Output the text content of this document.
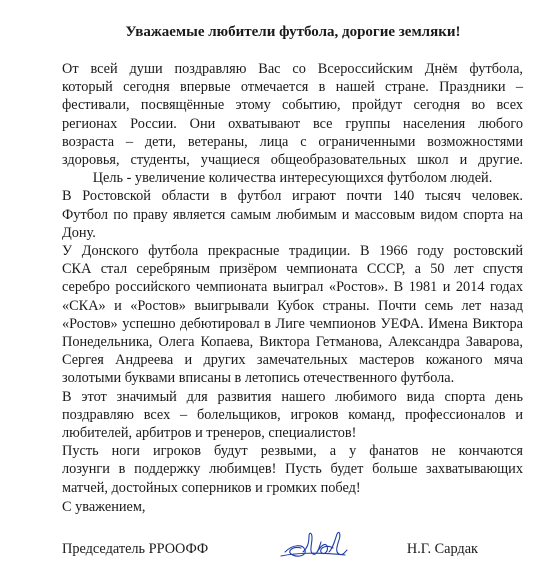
Уважаемые любители футбола, дорогие земляки!

От всей души поздравляю Вас со Всероссийским Днём футбола,
который сегодня впервые отмечается в нашей стране. Праздники –
фестивали, посвящённые этому событию, пройдут сегодня во всех
регионах России. Они охватывают все группы населения любого
возраста – дети, ветераны, лица с ограниченными возможностями
здоровья, студенты, учащиеся общеобразовательных школ и другие.
Цель - увеличение количества интересующихся футболом людей.

В Ростовской области в футбол играют почти 140 тысяч человек.
Футбол по праву является самым любимым и массовым видом спорта на
Дону.

У Донского футбола прекрасные традиции. В 1966 году ростовский
СКА стал серебряным призёром чемпионата СССР, а 50 лет спустя
серебро российского чемпионата выиграл «Ростов». В 1981 и 2014 годах
«СКА» и «Ростов» выигрывали Кубок страны. Почти семь лет назад
«Ростов» успешно дебютировал в Лиге чемпионов УЕФА. Имена Виктора
Понедельника, Олега Копаева, Виктора Гетманова, Александра Заварова,
Сергея Андреева и других замечательных мастеров кожаного мяча
золотыми буквами вписаны в летопись отечественного футбола.

В этот значимый для развития нашего любимого вида спорта день
поздравляю всех – болельщиков, игроков команд, профессионалов и
любителей, арбитров и тренеров, специалистов!

Пусть ноги игроков будут резвыми, а у фанатов не кончаются
лозунги в поддержку любимцев! Пусть будет больше захватывающих
матчей, достойных соперников и громких побед!

С уважением,
Председатель РРООФФ	Н.Г. Сардак
